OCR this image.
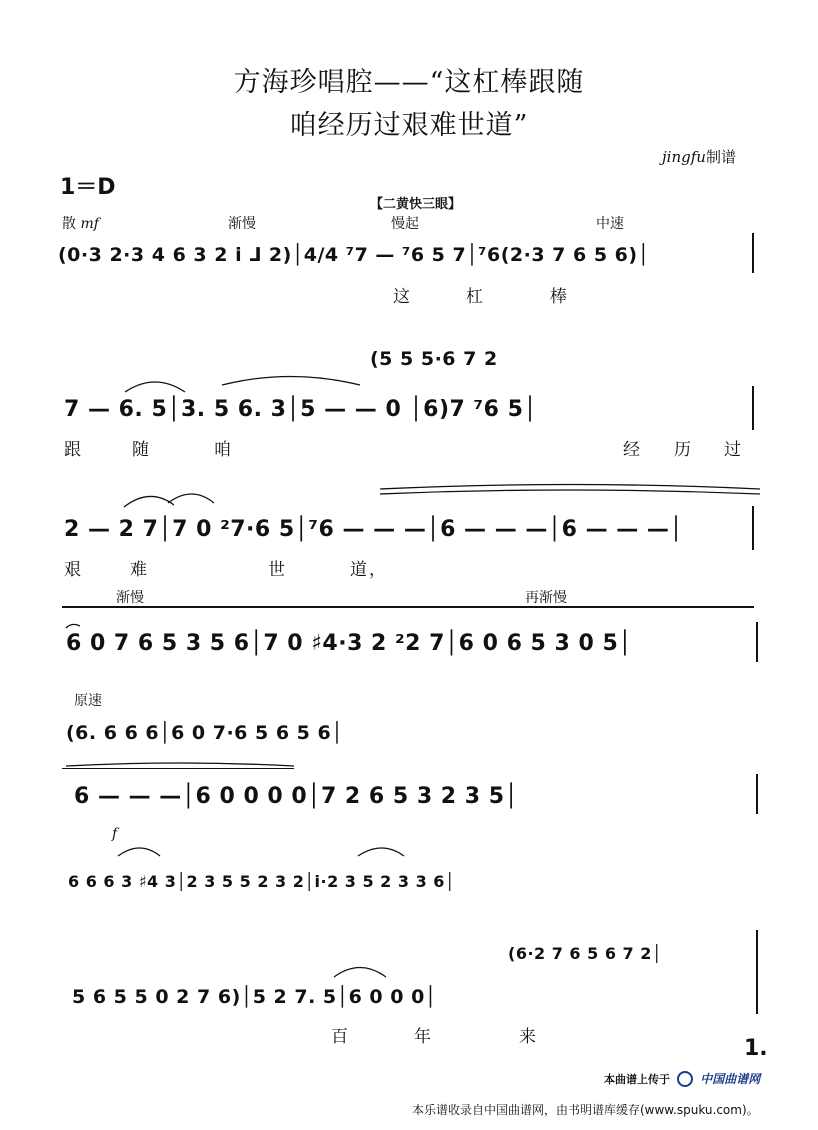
方海珍唱腔——“这杠棒跟随
咱经历过艰难世道”
jingfu制谱
1＝D
【二黄快三眼】
散 mf	渐慢	慢起	中速
(0·3 2·3 4 6 3 2 i ⅃ 2)│4/4 ⁷7 — ⁷6 5 7│⁷6(2·3 7 6 5 6)│
这	杠	棒
(5 5 5·6 7 2
7 — 6. 5│3. 5 6. 3│5 — — 0 │6)7 ⁷6 5│
跟	随	咱	经 历 过
2 — 2 7│7 0 ²7·6 5│⁷6 — — —│6 — — —│6 — — —│
艰	难	世	道，
渐慢	再渐慢
6 0 7 6 5 3 5 6│7 0 ♯4·3 2 ²2 7│6 0 6 5 3 0 5│
原速
(6. 6 6 6│6 0 7·6 5 6 5 6│
6 — — —│6 0 0 0 0│7 2 6 5 3 2 3 5│
f
6 6 6 3 ♯4 3│2 3 5 5 2 3 2│i·2 3 5 2 3 3 6│
(6·2 7 6 5 6 7 2│
5 6 5 5 0 2 7 6)│5 2 7. 5│6 0 0 0│
百	年	来	1.
本曲谱上传于	中国曲谱网
本乐谱收录自中国曲谱网，由书明谱库缓存(www.spuku.com)。
